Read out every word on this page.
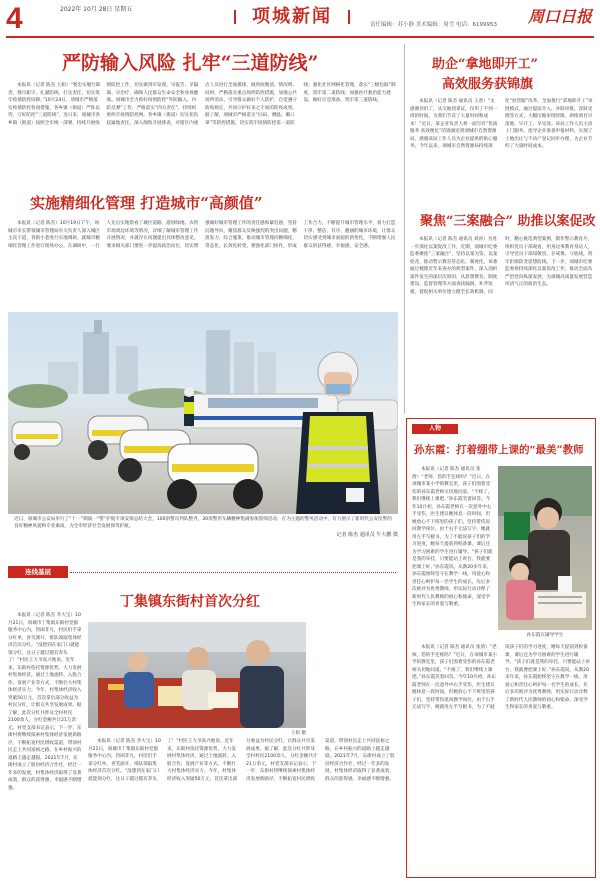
4	2022年 10月 28日 星期五	项城新闻	责任编辑：苏小静 美术编辑：周雪 电话：6199953	周口日报
严防输入风险 扎牢“三道防线”

本报讯（记者 陈杰 王娟）“要忠实履行职责，恪尽职守，扎紧防线，扛实责任，切实筑牢疫情防控屏障。”10月24日，项城市严格落实疫情防控各项措施，各乡镇（街道）严阵以待，守好防控“三道防线”。连日来，项城市各乡镇（街道）按照全市统一部署，持续开展疫情防控工作，切实做到早发现、早报告、早隔离、早治疗，确保人民群众生命安全和身体健康。项城市全力抓好疫情防控“外防输入、内防反弹”工作，严格落实“四方责任”，持续织密织牢疫情防控网。各乡镇（街道）切实担负起属地责任，深入细致开展排查，对辖区内重点人员进行全面摸排，做到底数清、情况明。同时，严格落实重点场所防控措施，加强公共场所消杀，引导群众做好个人防护，自觉遵守防疫规定，共同守护好来之不易的防疫成果。据了解，项城市严格落实“扫码、测温、戴口罩”等防控措施，切实筑牢疫情防控第一道防线；强化社区网格化管理，落实“三级包联”制度，筑牢第二道防线；加强医疗救治能力建设，做好应急准备，筑牢第三道防线。

助企“拿地即开工”
高效服务获锦旗

本报讯（记者 陈杰 通讯员 王春）“太感谢你们了，从交地到拿证，仅用了不到一周的时间，为我们节省了大量时间和成本！”近日，某企业负责人将一面写有“优质服务 高效便民”的锦旗送到项城市自然资源局，感谢该局工作人员为企业提供的贴心服务。今年以来，项城市自然资源局持续深化“放管服”改革，全面推行“拿地即开工”审批模式，通过提前介入、并联审批、容缺受理等方式，大幅压缩审批时限，助推项目早落地、早开工、早见效。该局工作人员主动上门服务，指导企业准备申报材料，实现了土地出让与不动产登记同步办理，为企业节约了大量时间成本。

实施精细化管理 打造城市“高颜值”

本报讯（记者 陈杰）10月19日下午，项城市市长带领城市管理局有关负责人深入城区主次干道、背街小巷进行实地调研，就城市精细化管理工作进行现场办公。在调研中，一行人先后实地察看了城区道路、游园绿地、农贸市场周边环境等情况，详细了解城市管理工作开展情况，并就存在问题提出具体整改意见。要求相关部门要进一步提高政治站位，切实增强做好城市管理工作的责任感和紧迫感，坚持问题导向，聚焦群众反映强烈的突出问题，精准发力、综合施策，推动城市管理向精细化、常态化、长效化转变。要强化部门协作，形成工作合力，不断提升城市管理水平，着力打造干净、整洁、有序、靓丽的城市环境，让群众切实感受到城市面貌的新变化，不断增强人民群众的获得感、幸福感、安全感。

聚焦“三案融合” 助推以案促改

本报讯（记者 陈杰 通讯员 刘涛）为进一步深化以案促改工作，近期，项城市纪委监委聚焦“三案融合”，坚持以案为鉴、以案促改，推动警示教育常态化、制度化。该委通过梳理近年来查办的典型案件，深入剖析案件发生的深层次原因，从思想教育、制度建设、监督管理等方面查找漏洞、补齐短板，督促相关单位建立健全长效机制。同时，精心挑选典型案例，制作警示教育片，组织党员干部观看，用身边事教育身边人，引导党员干部知敬畏、存戒惧、守底线，筑牢拒腐防变思想防线。下一步，项城市纪委监委将持续深化以案促改工作，推动全面从严治党向纵深发展，为项城高质量发展营造风清气正的政治生态。

近日，项城市公安局举行了“十一”期间一“警”护航专项安保总结大会，100余警员列队整齐，30余警用车辆精神饱满参加誓师活动，在为主题的警务活动中，有力展示了新时代公安民警的良好精神风貌和专业素质，为全市经济社会发展保驾护航。
记者 陈杰 通讯员 牛大鹏 摄
连线基层
丁集镇东街村首次分红
王娟 摄

本报讯（记者 陈杰 李大宝）10月21日，项城市丁集镇东街村党群服务中心内，热闹非凡，村民们手拿分红单，喜笑颜开，排队领取集体经济首次分红。“没想到在家门口就能领分红，这日子越过越有奔头了！”村民王大爷高兴地说。近年来，东街村依托资源优势，大力发展村集体经济，通过土地流转、入股合作、发展产业等方式，不断壮大村集体经济实力。今年，村集体经济收入突破50万元，首次拿出部分收益为村民分红，让群众共享发展成果。据了解，此次分红共涉及全村村民2100余人，分红金额共计21万余元。村党支部书记表示，下一步，东街村将继续探索村集体经济发展新路径，不断拓宽村民增收渠道，带领村民走上共同富裕之路，在乡村振兴的道路上越走越稳。2021年7月，东街村成立了股份经济合作社，经过一年多的发展，村集体经济取得了显著成效，群众的获得感、幸福感不断增强。

本报讯（记者 陈杰 李大宝）10月21日，项城市丁集镇东街村党群服务中心内，热闹非凡，村民们手拿分红单，喜笑颜开，排队领取集体经济首次分红。“没想到在家门口就能领分红，这日子越过越有奔头了！”村民王大爷高兴地说。近年来，东街村依托资源优势，大力发展村集体经济，通过土地流转、入股合作、发展产业等方式，不断壮大村集体经济实力。今年，村集体经济收入突破50万元，首次拿出部分收益为村民分红，让群众共享发展成果。据了解，此次分红共涉及全村村民2100余人，分红金额共计21万余元。村党支部书记表示，下一步，东街村将继续探索村集体经济发展新路径，不断拓宽村民增收渠道，带领村民走上共同富裕之路，在乡村振兴的道路上越走越稳。2021年7月，东街村成立了股份经济合作社，经过一年多的发展，村集体经济取得了显著成效，群众的获得感、幸福感不断增强。

人物
孙东霞：打着绷带上课的“最美”教师
孙东霞在辅导学生

本报讯（记者 陈杰 通讯员 张倩）“老师，您的手还疼吗？”近日，在项城市某小学的教室里，孩子们围着受伤的孙东霞老师关切地问道。“不疼了，我们继续上课吧。”孙东霞笑着回答。今年10月初，孙东霞老师在一次意外中右手受伤，医生建议她休息一段时间，但她放心不下班里的孩子们，坚持带伤返回教学岗位。由于右手无法写字，她就用左手写板书，为了不耽误孩子们的学习进度，她每天提前到校备课，课后还为学习困难的学生进行辅导。“孩子们就是我的牵挂，只要能站上讲台，我就要把课上好。”孙东霞说。从教20多年来，孙东霞始终坚守在教学一线，用爱心和责任心呵护每一名学生的成长，先后多次被评为优秀教师，用实际行动诠释了新时代人民教师的初心和使命，深受学生和家长的喜爱与敬重。

本报讯（记者 陈杰 通讯员 张倩）“老师，您的手还疼吗？”近日，在项城市某小学的教室里，孩子们围着受伤的孙东霞老师关切地问道。“不疼了，我们继续上课吧。”孙东霞笑着回答。今年10月初，孙东霞老师在一次意外中右手受伤，医生建议她休息一段时间，但她放心不下班里的孩子们，坚持带伤返回教学岗位。由于右手无法写字，她就用左手写板书，为了不耽误孩子们的学习进度，她每天提前到校备课，课后还为学习困难的学生进行辅导。“孩子们就是我的牵挂，只要能站上讲台，我就要把课上好。”孙东霞说。从教20多年来，孙东霞始终坚守在教学一线，用爱心和责任心呵护每一名学生的成长，先后多次被评为优秀教师，用实际行动诠释了新时代人民教师的初心和使命，深受学生和家长的喜爱与敬重。
